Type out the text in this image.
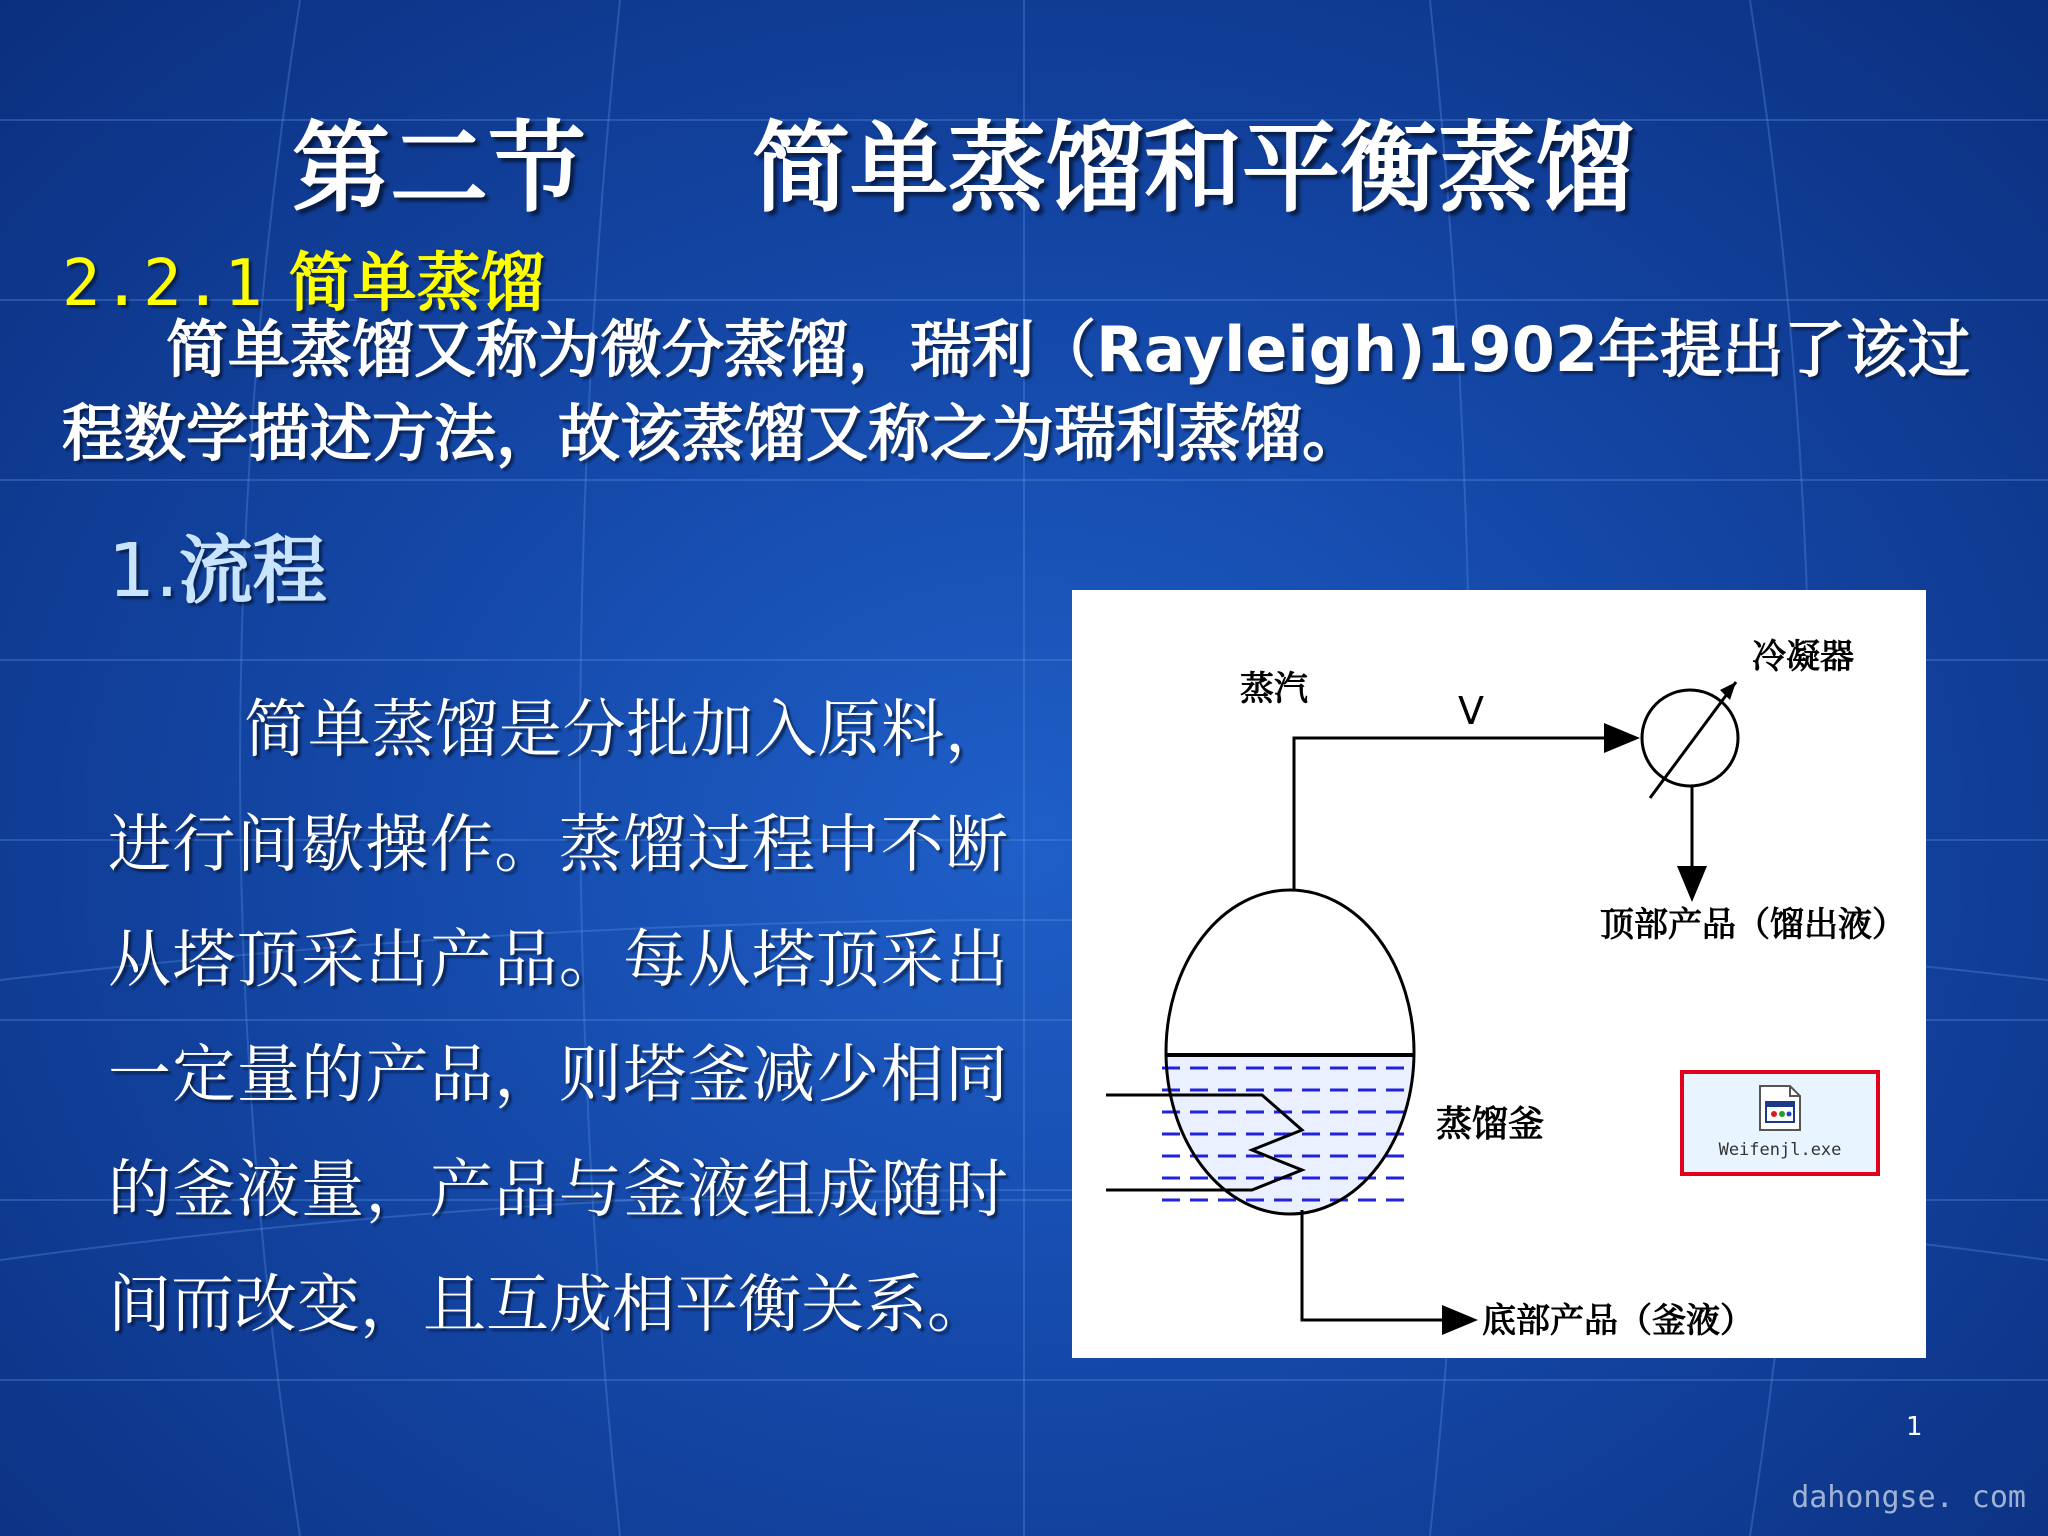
第二节 简单蒸馏和平衡蒸馏
2.2.1 简单蒸馏
简单蒸馏又称为微分蒸馏，瑞利（Rayleigh)1902年提出了该过程数学描述方法，故该蒸馏又称之为瑞利蒸馏。
1.流程
简单蒸馏是分批加入原料，进行间歇操作。蒸馏过程中不断从塔顶采出产品。每从塔顶采出一定量的产品，则塔釜减少相同的釜液量，产品与釜液组成随时间而改变，且互成相平衡关系。
蒸汽	V
冷凝器
顶部产品（馏出液）
蒸馏釜
底部产品（釜液）
Weifenjl.exe
1
dahongse. com
